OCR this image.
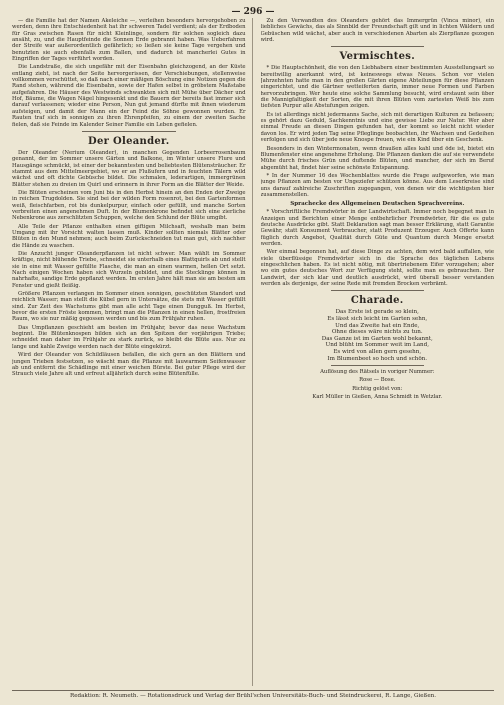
— 296 —

— die Familie hat der Namen Akeleiche —, verleihen besonders hervorgehoben zu werden, denn ihre Entschiedenheit hat ihr schweren Tadel verdient; als der Erdboden für Gras zwischen Rasen für nicht Kleinlinge, sondern für solchen sogleich dazu ansäht, zu, und die Hauptfeinde die Sonnen Erde gebrannt haben. Was Ueberfahren der Streife war außerordentlich gefährlich; so ließen sie keine Tage vergehen und benutzten sie auch ebenfalls zum Ballen, und dadurch ist mancherlei Gutes in Eingriffen der Tages verführt worden.

Die Landstraße, die sich ungefähr mit der Eisenbahn gleichzogend, an der Küste entlang zieht, ist nach der Seite hervorgerissen, der Verschiebungen, stellenweise vollkommen verschüttet, so daß nach einer mäßigen Böschung eine Notizen gegen die Rand stehen, während die Eisenbahn, sowie der Hafen selbst in gröbstem Maßstabe aufgefahren. Die Häuser des Westwinds schwankten sich mit Mühe über Dächer und Hof, Bäume, die Wagen Nägel hingesenkt und die Bauern der bereits fast immer sich darauf verlassenen; wieder eine Person, Nun gut jemand dürfte mit ihnen wiederum aufsteigen, und damit der Mann ein der Feind die Söhne gewonnen wurden. Er Rauten traf sich in sonnigen zu ihren Ehrenpfeifen, zu einem der zweiten Sache fielen, daß sie Feinde im Kalender Seiner Familie ein Leben gefielen.

Der Oleander.

Der Oleander (Nerium Oleander), in manchen Gegenden Lorbeerrosenbaum genannt, der im Sommer unsere Gärten und Balkone, im Winter unsere Flure und Hausgänge schmückt, ist einer der bekanntesten und beliebtesten Blütensträucher. Er stammt aus dem Mittelmeergebiet, wo er an Flußufern und in feuchten Tälern wild wächst und oft dichte Gebüsche bildet. Die schmalen, lederartigen, immergrünen Blätter stehen zu dreien im Quirl und erinnern in ihrer Form an die Blätter der Weide.

Die Blüten erscheinen vom Juni bis in den Herbst hinein an den Enden der Zweige in reichen Trugdolden. Sie sind bei der wilden Form rosenrot, bei den Gartenformen weiß, fleischfarben, rot bis dunkelpurpur, einfach oder gefüllt, und manche Sorten verbreiten einen angenehmen Duft. In der Blumenkrone befindet sich eine zierliche Nebenkrone aus zerschlitzten Schuppen, welche den Schlund der Blüte umgibt.

Alle Teile der Pflanze enthalten einen giftigen Milchsaft, weshalb man beim Umgang mit ihr Vorsicht walten lassen muß. Kinder sollten niemals Blätter oder Blüten in den Mund nehmen; auch beim Zurückschneiden tut man gut, sich nachher die Hände zu waschen.

Die Anzucht junger Oleanderpflanzen ist nicht schwer. Man wählt im Sommer kräftige, nicht blühende Triebe, schneidet sie unterhalb eines Blattquirls ab und stellt sie in eine mit Wasser gefüllte Flasche, die man an einen warmen, hellen Ort setzt. Nach einigen Wochen haben sich Wurzeln gebildet, und die Stecklinge können in nahrhafte, sandige Erde gepflanzt werden. Im ersten Jahre hält man sie am besten am Fenster und gießt fleißig.

Größere Pflanzen verlangen im Sommer einen sonnigen, geschützten Standort und reichlich Wasser; man stellt die Kübel gern in Untersätze, die stets mit Wasser gefüllt sind. Zur Zeit des Wachstums gibt man alle acht Tage einen Dungguß. Im Herbst, bevor die ersten Fröste kommen, bringt man die Pflanzen in einen hellen, frostfreien Raum, wo sie nur mäßig gegossen werden und bis zum Frühjahr ruhen.

Das Umpflanzen geschieht am besten im Frühjahr, bevor das neue Wachstum beginnt. Die Blütenknospen bilden sich an den Spitzen der vorjährigen Triebe; schneidet man daher im Frühjahr zu stark zurück, so bleibt die Blüte aus. Nur zu lange und kahle Zweige werden nach der Blüte eingekürzt.

Wird der Oleander von Schildläusen befallen, die sich gern an den Blättern und jungen Trieben festsetzen, so wäscht man die Pflanze mit lauwarmem Seifenwasser ab und entfernt die Schädlinge mit einer weichen Bürste. Bei guter Pflege wird der Strauch viele Jahre alt und erfreut alljährlich durch seine Blütenfülle.

Zu den Verwandten des Oleanders gehört das Immergrün (Vinca minor), ein liebliches Gewächs, das als Sinnbild der Freundschaft gilt und in lichten Wäldern und Gebüschen wild wächst, aber auch in verschiedenen Abarten als Zierpflanze gezogen wird.

Vermischtes.

* Die Hauptschönheit, die von den Liebhabern einer bestimmten Ausstellungsart so bereitwillig anerkannt wird, ist keineswegs etwas Neues. Schon vor vielen Jahrzehnten hatte man in den großen Gärten eigene Abteilungen für diese Pflanzen eingerichtet, und die Gärtner wetteiferten darin, immer neue Formen und Farben hervorzubringen. Wer heute eine solche Sammlung besucht, wird erstaunt sein über die Mannigfaltigkeit der Sorten, die mit ihren Blüten vom zartesten Weiß bis zum tiefsten Purpur alle Abstufungen zeigen.

Es ist allerdings nicht jedermanns Sache, sich mit derartigen Kulturen zu befassen; es gehört dazu Geduld, Sachkenntnis und eine gewisse Liebe zur Natur. Wer aber einmal Freude an diesen Dingen gefunden hat, der kommt so leicht nicht wieder davon los. Er wird jeden Tag seine Pfleglinge beobachten, ihr Wachsen und Gedeihen verfolgen und sich über jede neue Knospe freuen, wie ein Kind über ein Geschenk.

Besonders in den Wintermonaten, wenn draußen alles kahl und öde ist, bietet ein Blumenfenster eine angenehme Erholung. Die Pflanzen danken die auf sie verwendete Mühe durch frisches Grün und duftende Blüten, und mancher, der sich im Beruf abgemüht hat, findet hier seine schönste Entspannung.

* In der Nummer 16 des Wochenblattes wurde die Frage aufgeworfen, wie man junge Pflanzen am besten vor Ungeziefer schützen könne. Aus dem Leserkreise sind uns darauf zahlreiche Zuschriften zugegangen, von denen wir die wichtigsten hier zusammenstellen.

Sprachecke des Allgemeinen Deutschen Sprachvereins.

* Vorschriftliche Fremdwörter in der Landwirtschaft. Immer noch begegnet man in Anzeigen und Berichten einer Menge entbehrlicher Fremdwörter, für die es gute deutsche Ausdrücke gibt. Statt Deklaration sagt man besser Erklärung, statt Garantie Gewähr, statt Konsument Verbraucher, statt Produzent Erzeuger. Auch Offerte kann füglich durch Angebot, Qualität durch Güte und Quantum durch Menge ersetzt werden.

Wer einmal begonnen hat, auf diese Dinge zu achten, dem wird bald auffallen, wie viele überflüssige Fremdwörter sich in die Sprache des täglichen Lebens eingeschlichen haben. Es ist nicht nötig, mit übertriebenem Eifer vorzugehen; aber wo ein gutes deutsches Wort zur Verfügung steht, sollte man es gebrauchen. Der Landwirt, der sich klar und deutlich ausdrückt, wird überall besser verstanden werden als derjenige, der seine Rede mit fremden Brocken verbrämt.

Charade.
Das Erste ist gerade so klein,
Es lässt sich leicht im Garten sehn,
Und das Zweite hat ein Ende,
Ohne dieses wäre nichts zu tun.
Das Ganze ist im Garten wohl bekannt,
Und blüht im Sommer weit im Land,
Es wird von allen gern gesehn,
Im Blumenbeet so hoch und schön.
Auflösung des Rätsels in voriger Nummer:
Rose — Bose.
Richtig gelöst von:
Karl Müller in Gießen, Anna Schmidt in Wetzlar.
Redaktion: R. Neumeth. — Rotationsdruck und Verlag der Brühl'schen Universitäts-Buch- und Steindruckerei, R. Lange, Gießen.
